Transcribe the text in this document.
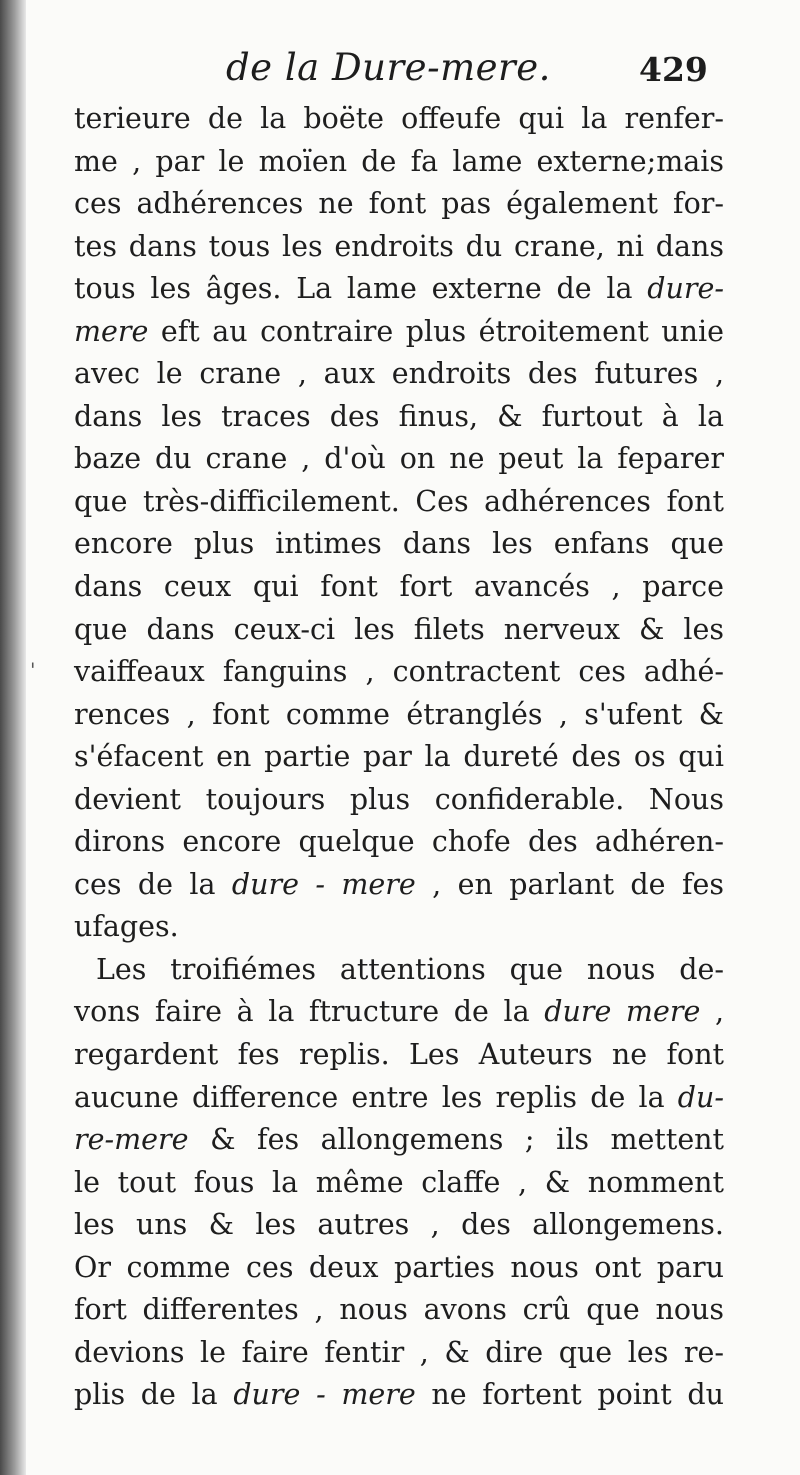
de la Dure-mere.	429
terieure de la boëte offeufe qui la renfer-
me , par le moïen de fa lame externe;mais
ces adhérences ne font pas également for-
tes dans tous les endroits du crane, ni dans
tous les âges. La lame externe de la dure-
mere eft au contraire plus étroitement unie
avec le crane , aux endroits des futures ,
dans les traces des finus, & furtout à la
baze du crane , d'où on ne peut la feparer
que très-difficilement. Ces adhérences font
encore plus intimes dans les enfans que
dans ceux qui font fort avancés , parce
que dans ceux-ci les filets nerveux & les
vaiffeaux fanguins , contractent ces adhé-
rences , font comme étranglés , s'ufent &
s'éfacent en partie par la dureté des os qui
devient toujours plus confiderable. Nous
dirons encore quelque chofe des adhéren-
ces de la dure - mere , en parlant de fes
ufages.
Les troifiémes attentions que nous de-
vons faire à la ftructure de la dure mere ,
regardent fes replis. Les Auteurs ne font
aucune difference entre les replis de la du-
re-mere & fes allongemens ; ils mettent
le tout fous la même claffe , & nomment
les uns & les autres , des allongemens.
Or comme ces deux parties nous ont paru
fort differentes , nous avons crû que nous
devions le faire fentir , & dire que les re-
plis de la dure - mere ne fortent point du
'
